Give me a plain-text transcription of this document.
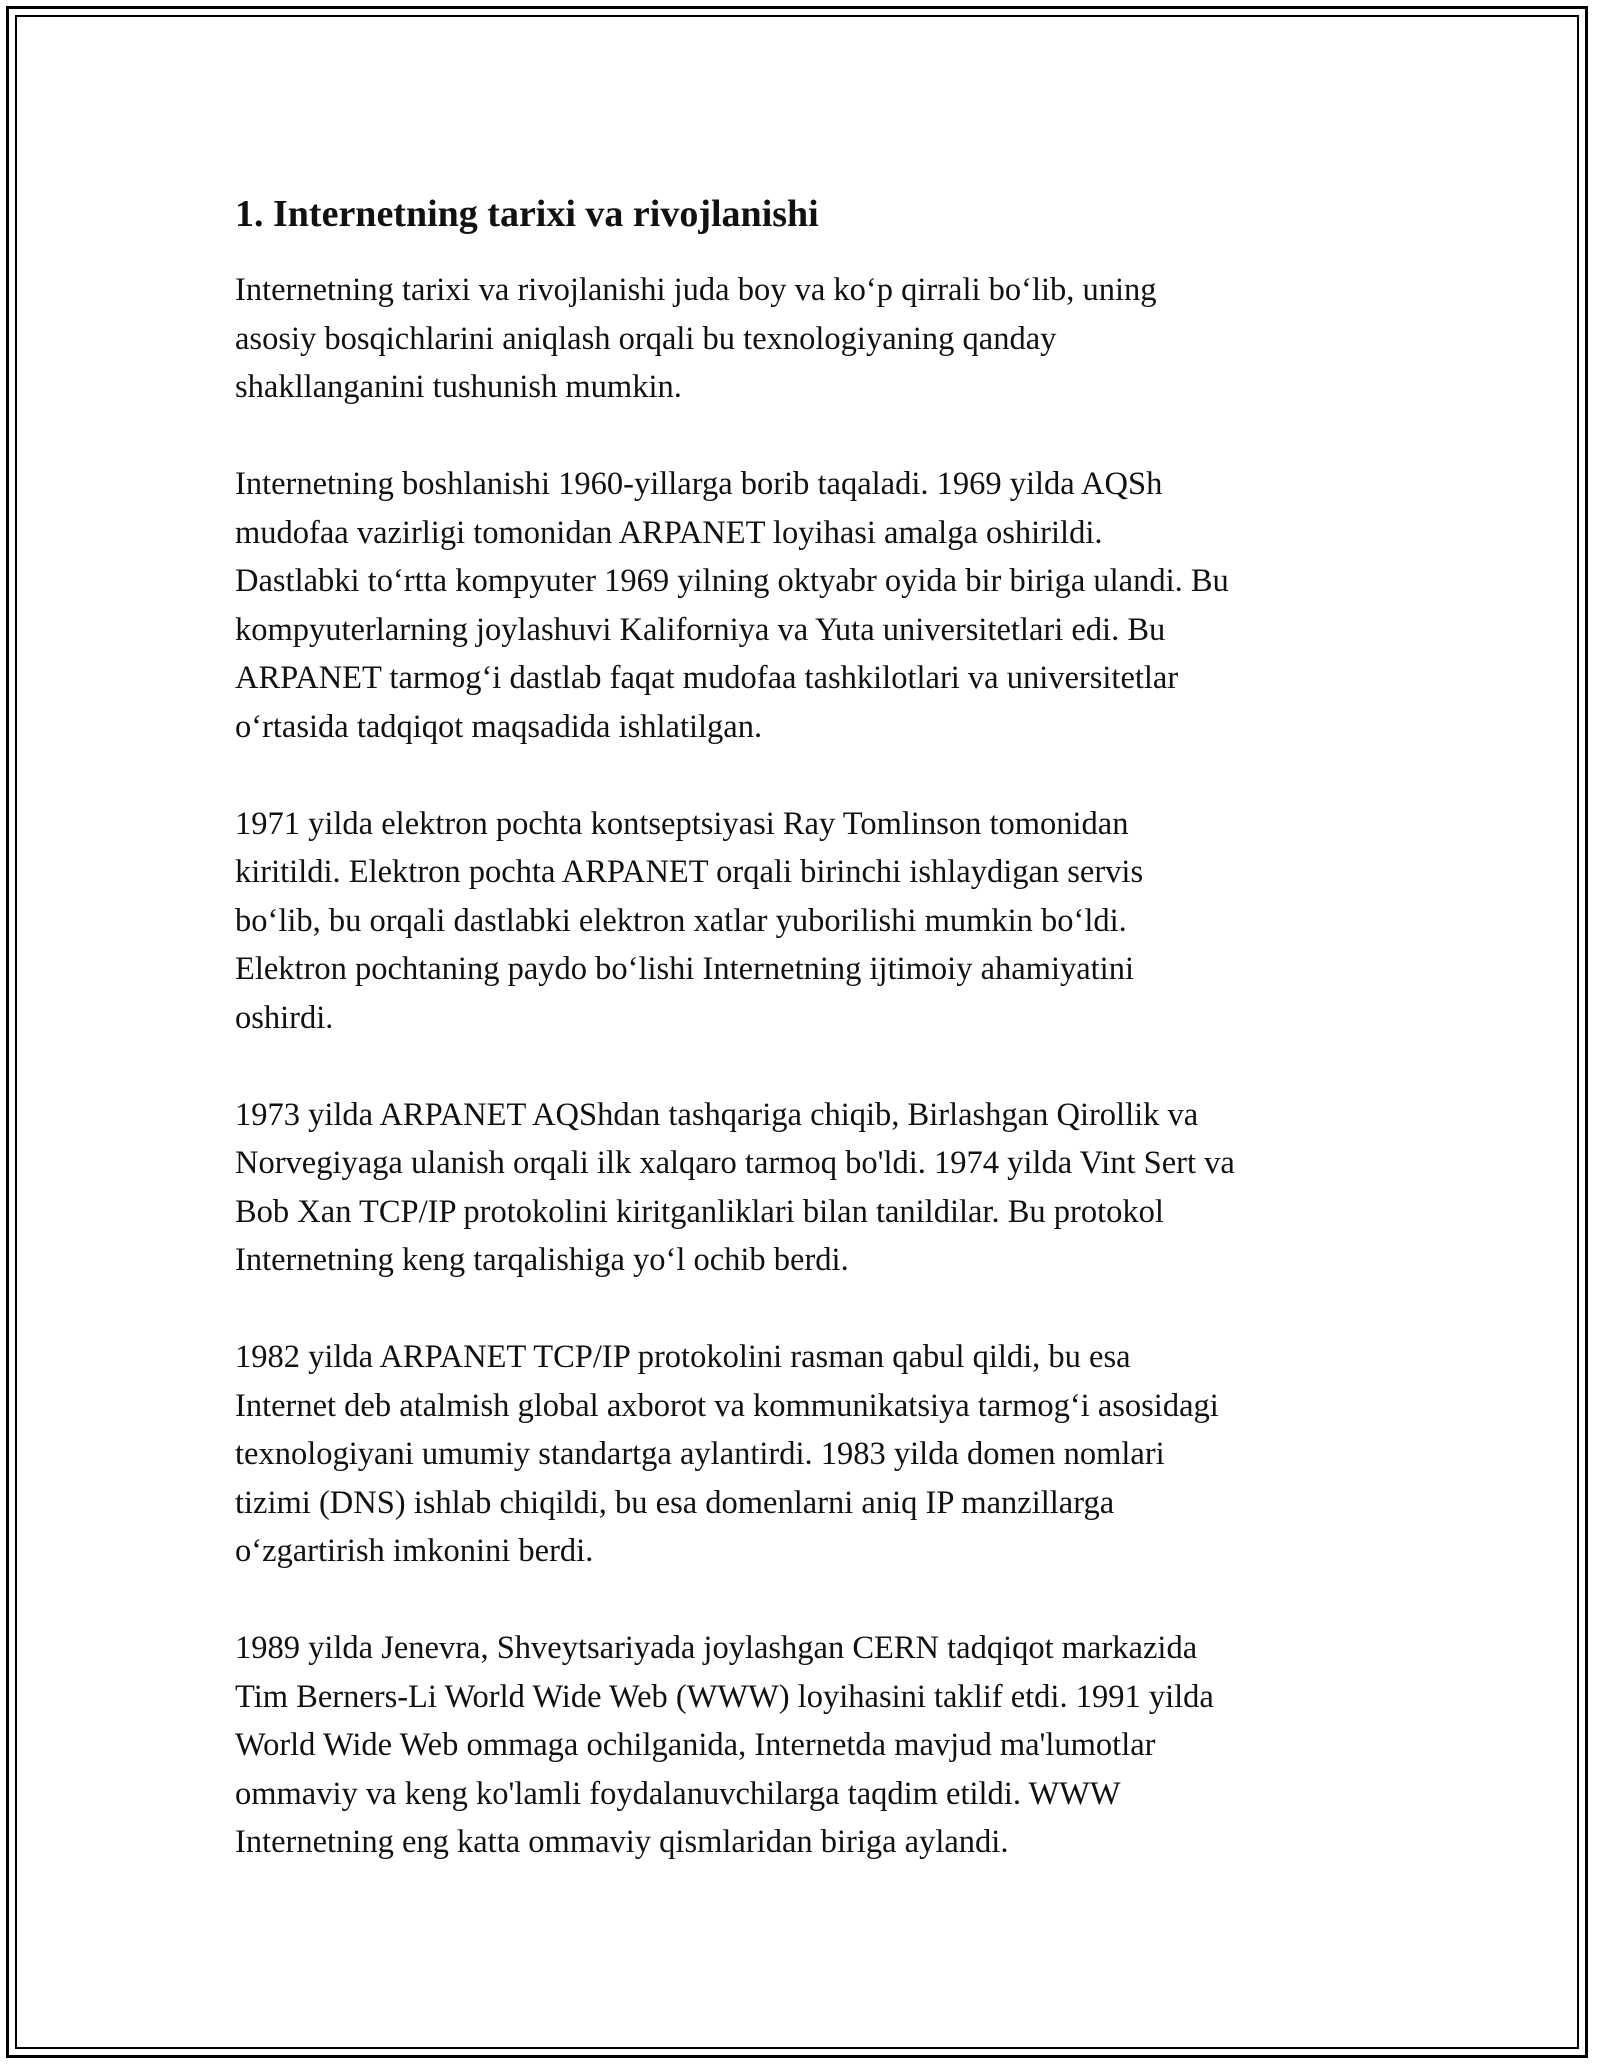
1. Internetning tarixi va rivojlanishi

Internetning tarixi va rivojlanishi juda boy va ko‘p qirrali bo‘lib, uning
asosiy bosqichlarini aniqlash orqali bu texnologiyaning qanday
shakllanganini tushunish mumkin.

Internetning boshlanishi 1960-yillarga borib taqaladi. 1969 yilda AQSh
mudofaa vazirligi tomonidan ARPANET loyihasi amalga oshirildi.
Dastlabki to‘rtta kompyuter 1969 yilning oktyabr oyida bir biriga ulandi. Bu
kompyuterlarning joylashuvi Kaliforniya va Yuta universitetlari edi. Bu
ARPANET tarmog‘i dastlab faqat mudofaa tashkilotlari va universitetlar
o‘rtasida tadqiqot maqsadida ishlatilgan.

1971 yilda elektron pochta kontseptsiyasi Ray Tomlinson tomonidan
kiritildi. Elektron pochta ARPANET orqali birinchi ishlaydigan servis
bo‘lib, bu orqali dastlabki elektron xatlar yuborilishi mumkin bo‘ldi.
Elektron pochtaning paydo bo‘lishi Internetning ijtimoiy ahamiyatini
oshirdi.

1973 yilda ARPANET AQShdan tashqariga chiqib, Birlashgan Qirollik va
Norvegiyaga ulanish orqali ilk xalqaro tarmoq bo'ldi. 1974 yilda Vint Sert va
Bob Xan TCP/IP protokolini kiritganliklari bilan tanildilar. Bu protokol
Internetning keng tarqalishiga yo‘l ochib berdi.

1982 yilda ARPANET TCP/IP protokolini rasman qabul qildi, bu esa
Internet deb atalmish global axborot va kommunikatsiya tarmog‘i asosidagi
texnologiyani umumiy standartga aylantirdi. 1983 yilda domen nomlari
tizimi (DNS) ishlab chiqildi, bu esa domenlarni aniq IP manzillarga
o‘zgartirish imkonini berdi.

1989 yilda Jenevra, Shveytsariyada joylashgan CERN tadqiqot markazida
Tim Berners-Li World Wide Web (WWW) loyihasini taklif etdi. 1991 yilda
World Wide Web ommaga ochilganida, Internetda mavjud ma'lumotlar
ommaviy va keng ko'lamli foydalanuvchilarga taqdim etildi. WWW
Internetning eng katta ommaviy qismlaridan biriga aylandi.
